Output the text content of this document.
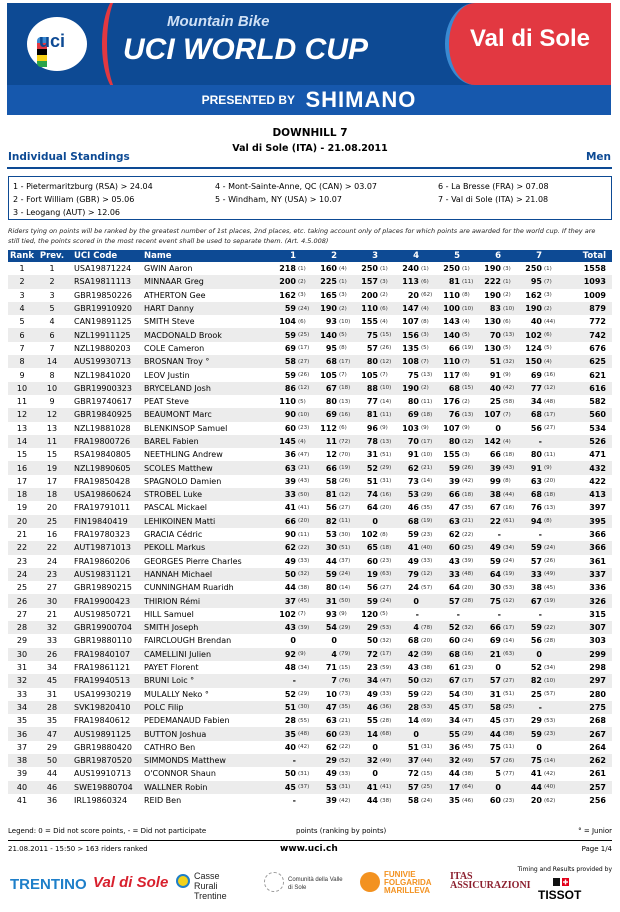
uci
Mountain Bike
UCI WORLD CUP	Val di Sole
PRESENTED BY SHIMANO
DOWNHILL 7
Val di Sole (ITA) - 21.08.2011
Individual Standings	Men
1 - Pietermaritzburg (RSA) > 24.04
2 - Fort William (GBR) > 05.06
3 - Leogang (AUT) > 12.06
4 - Mont-Sainte-Anne, QC (CAN) > 03.07
5 - Windham, NY (USA) > 10.07
6 - La Bresse (FRA) > 07.08
7 - Val di Sole (ITA) > 21.08
Riders tying on points will be ranked by the greatest number of 1st places, 2nd places, etc. taking account only of places for which points are awarded for the world cup. If they are still tied, the points scored in the most recent event shall be used to separate them. (Art. 4.5.008)
Rank	Prev.	UCI Code	Name	1		2		3		4		5		6		7		Total
1	1	USA19871224	GWIN Aaron	218	(1)	160	(4)	250	(1)	240	(1)	250	(1)	190	(3)	250	(1)	1558
2	2	RSA19811113	MINNAAR Greg	200	(2)	225	(1)	157	(3)	113	(6)	81	(11)	222	(1)	95	(7)	1093
3	3	GBR19850226	ATHERTON Gee	162	(3)	165	(3)	200	(2)	20	(62)	110	(8)	190	(2)	162	(3)	1009
4	5	GBR19910920	HART Danny	59	(24)	190	(2)	110	(6)	147	(4)	100	(10)	83	(10)	190	(2)	879
5	4	CAN19891125	SMITH Steve	104	(6)	93	(10)	155	(4)	107	(8)	143	(4)	130	(6)	40	(44)	772
6	6	NZL19911125	MACDONALD Brook	59	(25)	140	(5)	75	(15)	156	(3)	140	(5)	70	(13)	102	(6)	742
7	7	NZL19880203	COLE Cameron	69	(17)	95	(8)	57	(26)	135	(5)	66	(19)	130	(5)	124	(5)	676
8	14	AUS19930713	BROSNAN Troy °	58	(27)	68	(17)	80	(12)	108	(7)	110	(7)	51	(32)	150	(4)	625
9	8	NZL19841020	LEOV Justin	59	(26)	105	(7)	105	(7)	75	(13)	117	(6)	91	(9)	69	(16)	621
10	10	GBR19900323	BRYCELAND Josh	86	(12)	67	(18)	88	(10)	190	(2)	68	(15)	40	(42)	77	(12)	616
11	9	GBR19740617	PEAT Steve	110	(5)	80	(13)	77	(14)	80	(11)	176	(2)	25	(58)	34	(48)	582
12	12	GBR19840925	BEAUMONT Marc	90	(10)	69	(16)	81	(11)	69	(18)	76	(13)	107	(7)	68	(17)	560
13	13	NZL19881028	BLENKINSOP Samuel	60	(23)	112	(6)	96	(9)	103	(9)	107	(9)	0		56	(27)	534
14	11	FRA19800726	BAREL Fabien	145	(4)	11	(72)	78	(13)	70	(17)	80	(12)	142	(4)	-		526
15	15	RSA19840805	NEETHLING Andrew	36	(47)	12	(70)	31	(51)	91	(10)	155	(3)	66	(18)	80	(11)	471
16	19	NZL19890605	SCOLES Matthew	63	(21)	66	(19)	52	(29)	62	(21)	59	(26)	39	(43)	91	(9)	432
17	17	FRA19850428	SPAGNOLO Damien	39	(43)	58	(26)	51	(31)	73	(14)	39	(42)	99	(8)	63	(20)	422
18	18	USA19860624	STROBEL Luke	33	(50)	81	(12)	74	(16)	53	(29)	66	(18)	38	(44)	68	(18)	413
19	20	FRA19791011	PASCAL Mickael	41	(41)	56	(27)	64	(20)	46	(35)	47	(35)	67	(16)	76	(13)	397
20	25	FIN19840419	LEHIKOINEN Matti	66	(20)	82	(11)	0		68	(19)	63	(21)	22	(61)	94	(8)	395
21	16	FRA19780323	GRACIA Cédric	90	(11)	53	(30)	102	(8)	59	(23)	62	(22)	-		-		366
22	22	AUT19871013	PEKOLL Markus	62	(22)	30	(51)	65	(18)	41	(40)	60	(25)	49	(34)	59	(24)	366
23	24	FRA19860206	GEORGES Pierre Charles	49	(33)	44	(37)	60	(23)	49	(33)	43	(39)	59	(24)	57	(26)	361
24	23	AUS19831121	HANNAH Michael	50	(32)	59	(24)	19	(63)	79	(12)	33	(48)	64	(19)	33	(49)	337
25	27	GBR19890215	CUNNINGHAM Ruaridh	44	(38)	80	(14)	56	(27)	24	(57)	64	(20)	30	(53)	38	(45)	336
26	30	FRA19900423	THIRION Rémi	37	(45)	31	(50)	59	(24)	0		57	(28)	75	(12)	67	(19)	326
27	21	AUS19850721	HILL Samuel	102	(7)	93	(9)	120	(5)	-		-		-		-		315
28	32	GBR19900704	SMITH Joseph	43	(39)	54	(29)	29	(53)	4	(78)	52	(32)	66	(17)	59	(22)	307
29	33	GBR19880110	FAIRCLOUGH Brendan	0		0		50	(32)	68	(20)	60	(24)	69	(14)	56	(28)	303
30	26	FRA19840107	CAMELLINI Julien	92	(9)	4	(79)	72	(17)	42	(39)	68	(16)	21	(63)	0		299
31	34	FRA19861121	PAYET Florent	48	(34)	71	(15)	23	(59)	43	(38)	61	(23)	0		52	(34)	298
32	45	FRA19940513	BRUNI Loic °	-		7	(76)	34	(47)	50	(32)	67	(17)	57	(27)	82	(10)	297
33	31	USA19930219	MULALLY Neko °	52	(29)	10	(73)	49	(33)	59	(22)	54	(30)	31	(51)	25	(57)	280
34	28	SVK19820410	POLC Filip	51	(30)	47	(35)	46	(36)	28	(53)	45	(37)	58	(25)	-		275
35	35	FRA19840612	PEDEMANAUD Fabien	28	(55)	63	(21)	55	(28)	14	(69)	34	(47)	45	(37)	29	(53)	268
36	47	AUS19891125	BUTTON Joshua	35	(48)	60	(23)	14	(68)	0		55	(29)	44	(38)	59	(23)	267
37	29	GBR19880420	CATHRO Ben	40	(42)	62	(22)	0		51	(31)	36	(45)	75	(11)	0		264
38	50	GBR19870520	SIMMONDS Matthew	-		29	(52)	32	(49)	37	(44)	32	(49)	57	(26)	75	(14)	262
39	44	AUS19910713	O'CONNOR Shaun	50	(31)	49	(33)	0		72	(15)	44	(38)	5	(77)	41	(42)	261
40	46	SWE19880704	WALLNER Robin	45	(37)	53	(31)	41	(41)	57	(25)	17	(64)	0		44	(40)	257
41	36	IRL19860324	REID Ben	-		39	(42)	44	(38)	58	(24)	35	(46)	60	(23)	20	(62)	256
Legend: 0 = Did not score points, - = Did not participate	points (ranking by points)	° = Junior
21.08.2011 - 15:50 > 163 riders ranked	www.uci.ch	Page 1/4
TRENTINO Val di Sole	Casse Rurali Trentine
Comunità della Valle di Sole
FUNIVIE FOLGARIDA MARILLEVA
ITAS ASSICURAZIONI
Timing and Results provided by
TISSOT
